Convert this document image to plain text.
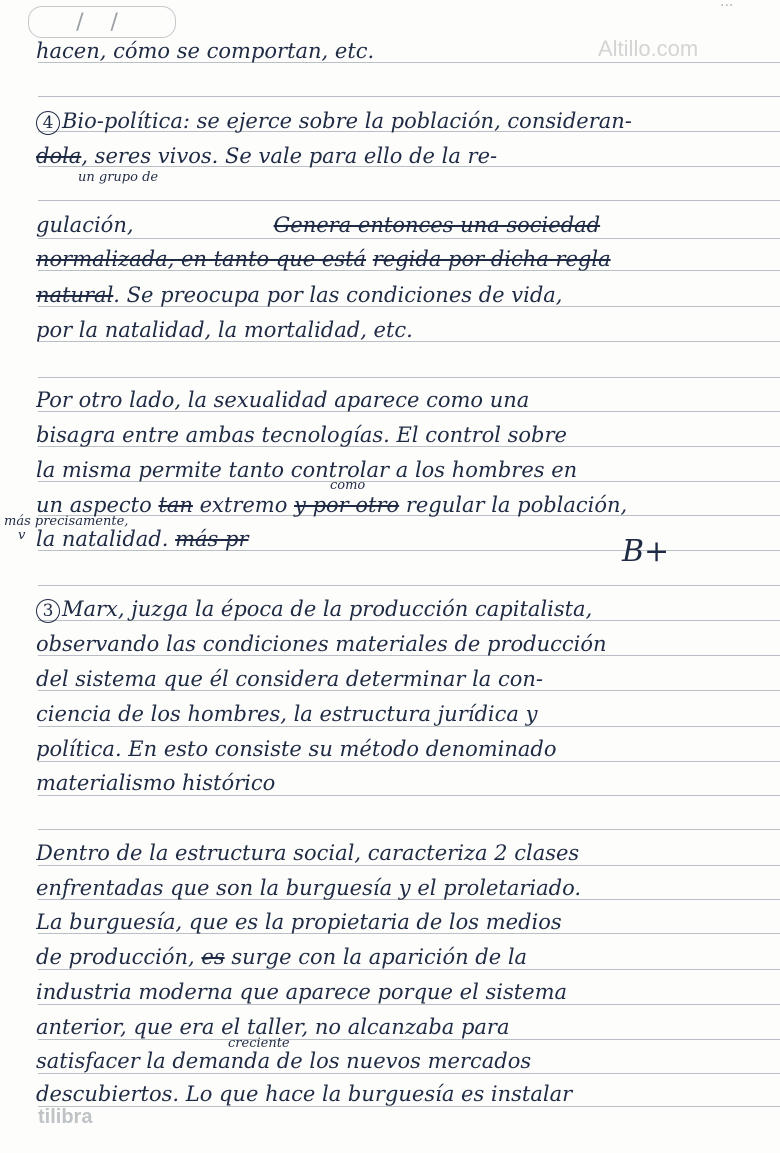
/ /
...
Altillo.com
hacen, cómo se comportan, etc.
4 Bio-política: se ejerce sobre la población, consideran-
dola, seres vivos. Se vale para ello de la re-
un grupo de
gulación,	Genera entonces una sociedad
normalizada, en tanto que está regida por dicha regla
natural. Se preocupa por las condiciones de vida,
por la natalidad, la mortalidad, etc.
Por otro lado, la sexualidad aparece como una
bisagra entre ambas tecnologías. El control sobre
la misma permite tanto controlar a los hombres en
como
un aspecto tan extremo y por otro regular la población,
más precisamente,
v la natalidad. más pr	B+
3 Marx, juzga la época de la producción capitalista,
observando las condiciones materiales de producción
del sistema que él considera determinar la con-
ciencia de los hombres, la estructura jurídica y
política. En esto consiste su método denominado
materialismo histórico
Dentro de la estructura social, caracteriza 2 clases
enfrentadas que son la burguesía y el proletariado.
La burguesía, que es la propietaria de los medios
de producción, es surge con la aparición de la
industria moderna que aparece porque el sistema
anterior, que era el taller, no alcanzaba para
creciente
satisfacer la demanda de los nuevos mercados
descubiertos. Lo que hace la burguesía es instalar
tilibra
